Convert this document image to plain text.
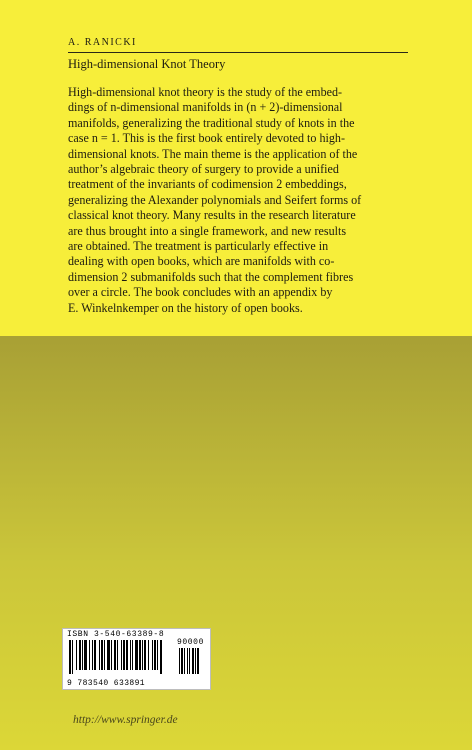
A. RANICKI
High-dimensional Knot Theory
High-dimensional knot theory is the study of the embed-
dings of n-dimensional manifolds in (n + 2)-dimensional
manifolds, generalizing the traditional study of knots in the
case n = 1. This is the first book entirely devoted to high-
dimensional knots. The main theme is the application of the
author’s algebraic theory of surgery to provide a unified
treatment of the invariants of codimension 2 embeddings,
generalizing the Alexander polynomials and Seifert forms of
classical knot theory. Many results in the research literature
are thus brought into a single framework, and new results
are obtained. The treatment is particularly effective in
dealing with open books, which are manifolds with co-
dimension 2 submanifolds such that the complement fibres
over a circle. The book concludes with an appendix by
E. Winkelnkemper on the history of open books.
ISBN 3-540-63389-8
90000
9 783540 633891
http://www.springer.de
